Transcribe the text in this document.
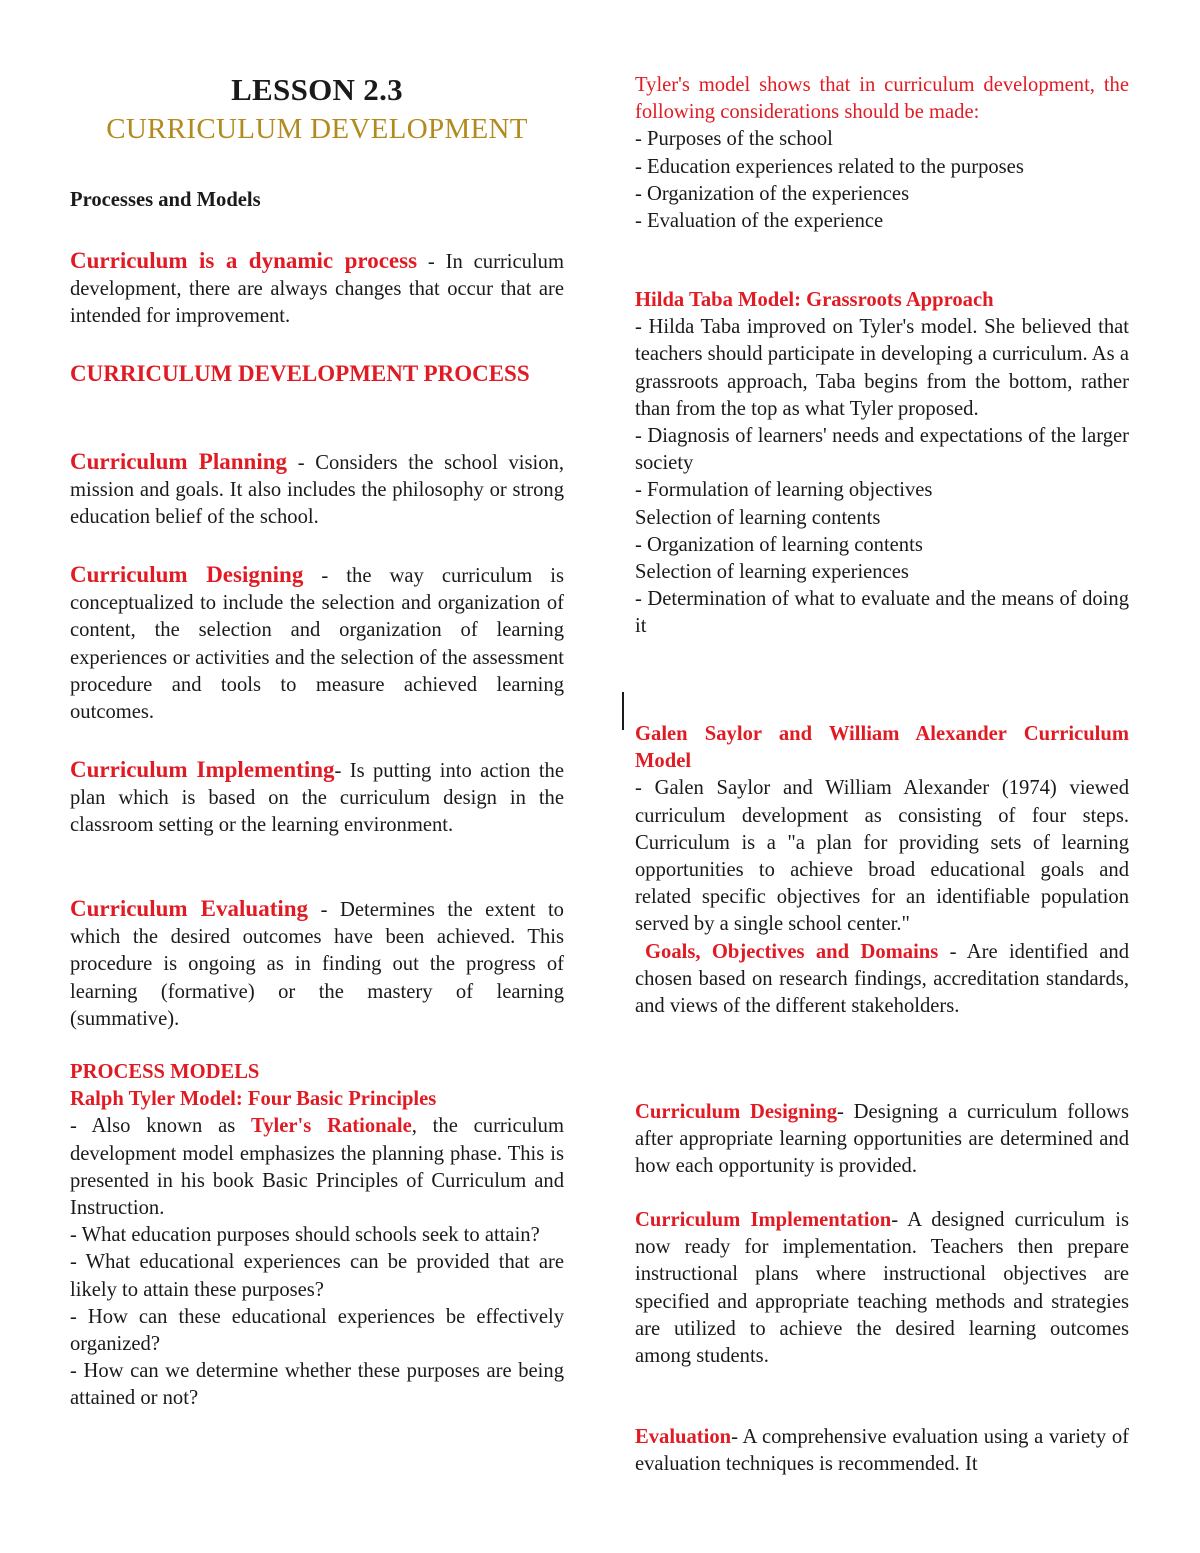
LESSON 2.3
CURRICULUM DEVELOPMENT

Processes and Models

Curriculum is a dynamic process - In curriculum development, there are always changes that occur that are intended for improvement.

CURRICULUM DEVELOPMENT PROCESS

Curriculum Planning - Considers the school vision, mission and goals. It also includes the philosophy or strong education belief of the school.

Curriculum Designing - the way curriculum is conceptualized to include the selection and organization of content, the selection and organization of learning experiences or activities and the selection of the assessment procedure and tools to measure achieved learning outcomes.

Curriculum Implementing- Is putting into action the plan which is based on the curriculum design in the classroom setting or the learning environment.

Curriculum Evaluating - Determines the extent to which the desired outcomes have been achieved. This procedure is ongoing as in finding out the progress of learning (formative) or the mastery of learning (summative).

PROCESS MODELS

Ralph Tyler Model: Four Basic Principles

- Also known as Tyler's Rationale, the curriculum development model emphasizes the planning phase. This is presented in his book Basic Principles of Curriculum and Instruction.

- What education purposes should schools seek to attain?

- What educational experiences can be provided that are likely to attain these purposes?

- How can these educational experiences be effectively organized?

- How can we determine whether these purposes are being attained or not?

Tyler's model shows that in curriculum development, the following considerations should be made:

- Purposes of the school

- Education experiences related to the purposes

- Organization of the experiences

- Evaluation of the experience

Hilda Taba Model: Grassroots Approach

- Hilda Taba improved on Tyler's model. She believed that teachers should participate in developing a curriculum. As a grassroots approach, Taba begins from the bottom, rather than from the top as what Tyler proposed.

- Diagnosis of learners' needs and expectations of the larger society

- Formulation of learning objectives

Selection of learning contents

- Organization of learning contents

Selection of learning experiences

- Determination of what to evaluate and the means of doing it

Galen Saylor and William Alexander Curriculum Model

- Galen Saylor and William Alexander (1974) viewed curriculum development as consisting of four steps. Curriculum is a "a plan for providing sets of learning opportunities to achieve broad educational goals and related specific objectives for an identifiable population served by a single school center."

Goals, Objectives and Domains - Are identified and chosen based on research findings, accreditation standards, and views of the different stakeholders.

Curriculum Designing- Designing a curriculum follows after appropriate learning opportunities are determined and how each opportunity is provided.

Curriculum Implementation- A designed curriculum is now ready for implementation. Teachers then prepare instructional plans where instructional objectives are specified and appropriate teaching methods and strategies are utilized to achieve the desired learning outcomes among students.

Evaluation- A comprehensive evaluation using a variety of evaluation techniques is recommended. It
